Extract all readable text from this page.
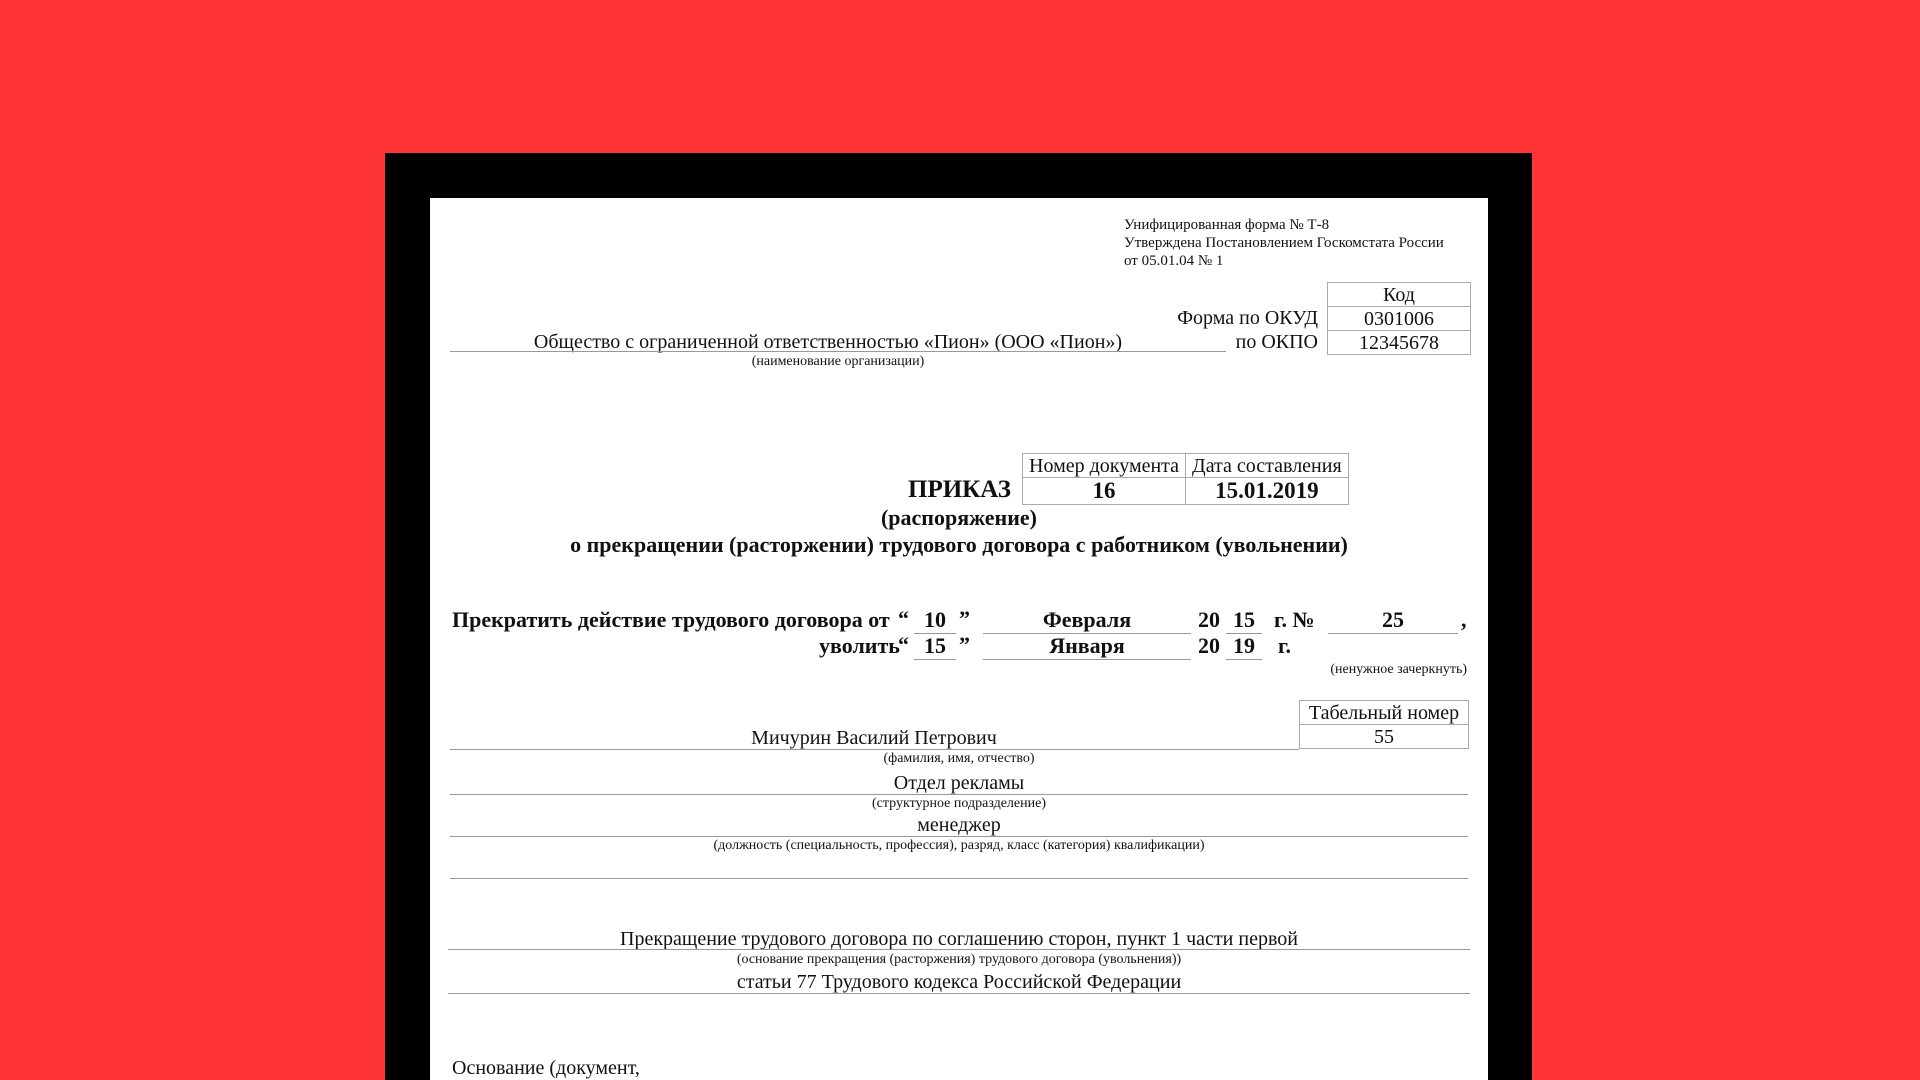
Унифицированная форма № Т-8
Утверждена Постановлением Госкомстата России
от 05.01.04 № 1
Код
0301006
12345678
Форма по ОКУД
по ОКПО
Общество с ограниченной ответственностью «Пион» (ООО «Пион»)
(наименование организации)
Номер документа	Дата составления
16	15.01.2019
ПРИКАЗ
(распоряжение)
о прекращении (расторжении) трудового договора с работником (увольнении)
Прекратить действие трудового договора от “ 10 ”	Февраля	20 15 г. №	25	,
уволить
“ 15 ”	Января	20 19	г.
(ненужное зачеркнуть)
Табельный номер
55
Мичурин Василий Петрович
(фамилия, имя, отчество)
Отдел рекламы
(структурное подразделение)
менеджер
(должность (специальность, профессия), разряд, класс (категория) квалификации)
Прекращение трудового договора по соглашению сторон, пункт 1 части первой
(основание прекращения (расторжения) трудового договора (увольнения))
статьи 77 Трудового кодекса Российской Федерации
Основание (документ,
